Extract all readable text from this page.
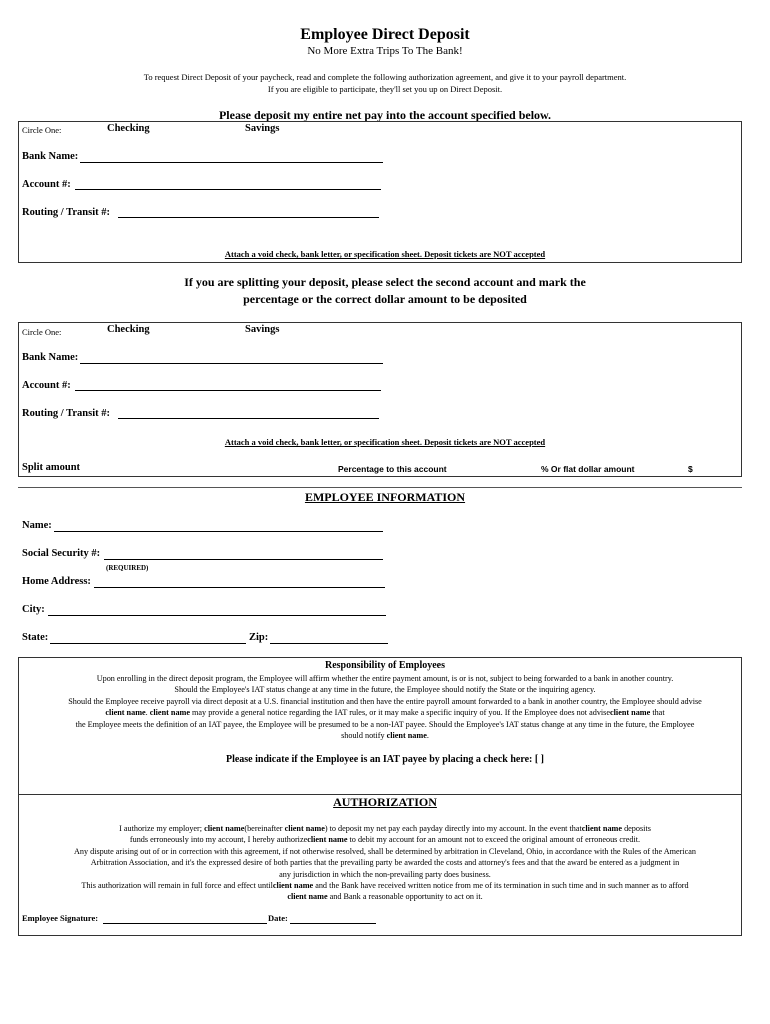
Employee Direct Deposit
No More Extra Trips To The Bank!
To request Direct Deposit of your paycheck, read and complete the following authorization agreement, and give it to your payroll department.
If you are eligible to participate, they'll set you up on Direct Deposit.
Please deposit my entire net pay into the account specified below.
Circle One:	Checking	Savings
Bank Name:
Account #:
Routing / Transit #:
Attach a void check, bank letter, or specification sheet. Deposit tickets are NOT accepted
If you are splitting your deposit, please select the second account and mark the
percentage or the correct dollar amount to be deposited
Circle One:	Checking	Savings
Bank Name:
Account #:
Routing / Transit #:
Attach a void check, bank letter, or specification sheet. Deposit tickets are NOT accepted
Split amount	Percentage to this account	% Or flat dollar amount	$
EMPLOYEE INFORMATION
Name:
Social Security #:
(REQUIRED)
Home Address:
City:
State:	Zip:
Responsibility of Employees
Upon enrolling in the direct deposit program, the Employee will affirm whether the entire payment amount, is or is not, subject to being forwarded to a bank in another country.
Should the Employee's IAT status change at any time in the future, the Employee should notify the State or the inquiring agency.
Should the Employee receive payroll via direct deposit at a U.S. financial institution and then have the entire payroll amount forwarded to a bank in another country, the Employee should advise
client name. client name may provide a general notice regarding the IAT rules, or it may make a specific inquiry of you. If the Employee does not adviseclient name that
the Employee meets the definition of an IAT payee, the Employee will be presumed to be a non-IAT payee. Should the Employee's IAT status change at any time in the future, the Employee
should notify client name.
Please indicate if the Employee is an IAT payee by placing a check here: [ ]
AUTHORIZATION
I authorize my employer; client name(bereinafter client name) to deposit my net pay each payday directly into my account. In the event thatclient name deposits
funds erroneously into my account, I hereby authorizeclient name to debit my account for an amount not to exceed the original amount of erroneous credit.
Any dispute arising out of or in correction with this agreement, if not otherwise resolved, shall be determined by arbitration in Cleveland, Ohio, in accordance with the Rules of the American
Arbitration Association, and it's the expressed desire of both parties that the prevailing party be awarded the costs and attorney's fees and that the award be entered as a judgment in
any jurisdiction in which the non-prevailing party does business.
This authorization will remain in full force and effect untilclient name and the Bank have received written notice from me of its termination in such time and in such manner as to afford
client name and Bank a reasonable opportunity to act on it.
Employee Signature:	Date:
